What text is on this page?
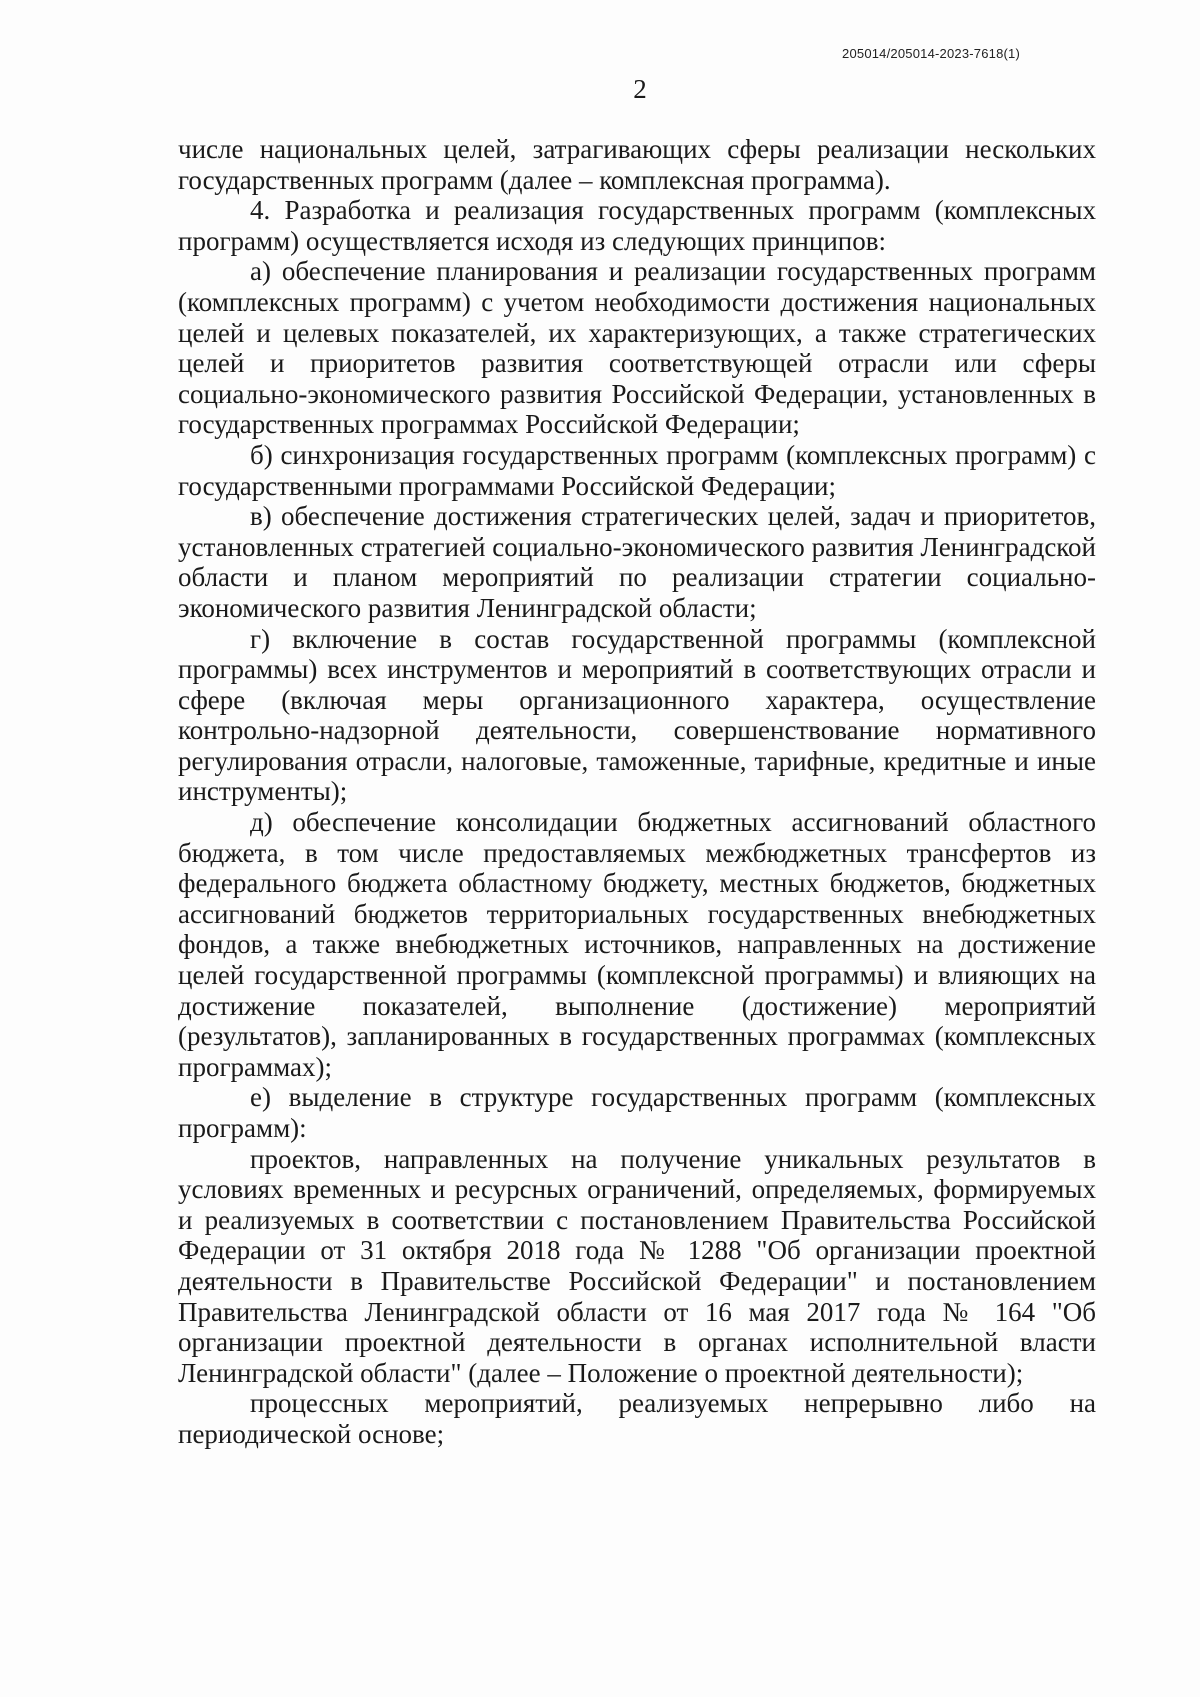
205014/205014-2023-7618(1)
2

числе национальных целей, затрагивающих сферы реализации нескольких государственных программ (далее – комплексная программа).

4. Разработка и реализация государственных программ (комплексных программ) осуществляется исходя из следующих принципов:

а) обеспечение планирования и реализации государственных программ (комплексных программ) с учетом необходимости достижения национальных целей и целевых показателей, их характеризующих, а также стратегических целей и приоритетов развития соответствующей отрасли или сферы социально-экономического развития Российской Федерации, установленных в государственных программах Российской Федерации;

б) синхронизация государственных программ (комплексных программ) с государственными программами Российской Федерации;

в) обеспечение достижения стратегических целей, задач и приоритетов, установленных стратегией социально-экономического развития Ленинградской области и планом мероприятий по реализации стратегии социально-экономического развития Ленинградской области;

г) включение в состав государственной программы (комплексной программы) всех инструментов и мероприятий в соответствующих отрасли и сфере (включая меры организационного характера, осуществление контрольно-надзорной деятельности, совершенствование нормативного регулирования отрасли, налоговые, таможенные, тарифные, кредитные и иные инструменты);

д) обеспечение консолидации бюджетных ассигнований областного бюджета, в том числе предоставляемых межбюджетных трансфертов из федерального бюджета областному бюджету, местных бюджетов, бюджетных ассигнований бюджетов территориальных государственных внебюджетных фондов, а также внебюджетных источников, направленных на достижение целей государственной программы (комплексной программы) и влияющих на достижение показателей, выполнение (достижение) мероприятий (результатов), запланированных в государственных программах (комплексных программах);

е) выделение в структуре государственных программ (комплексных программ):

проектов, направленных на получение уникальных результатов в условиях временных и ресурсных ограничений, определяемых, формируемых и реализуемых в соответствии с постановлением Правительства Российской Федерации от 31 октября 2018 года № 1288 "Об организации проектной деятельности в Правительстве Российской Федерации" и постановлением Правительства Ленинградской области от 16 мая 2017 года № 164 "Об организации проектной деятельности в органах исполнительной власти Ленинградской области" (далее – Положение о проектной деятельности);

процессных мероприятий, реализуемых непрерывно либо на периодической основе;
